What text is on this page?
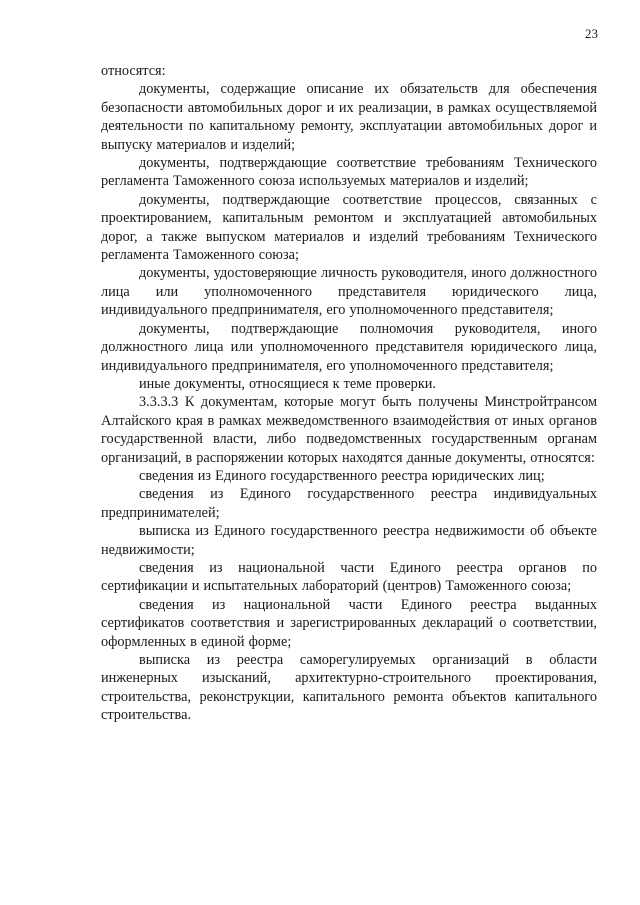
23

относятся:

документы, содержащие описание их обязательств для обеспечения безопасности автомобильных дорог и их реализации, в рамках осуществляемой деятельности по капитальному ремонту, эксплуатации автомобильных дорог и выпуску материалов и изделий;

документы, подтверждающие соответствие требованиям Технического регламента Таможенного союза используемых материалов и изделий;

документы, подтверждающие соответствие процессов, связанных с проектированием, капитальным ремонтом и эксплуатацией автомобильных дорог, а также выпуском материалов и изделий требованиям Технического регламента Таможенного союза;

документы, удостоверяющие личность руководителя, иного должностного лица или уполномоченного представителя юридического лица, индивидуального предпринимателя, его уполномоченного представителя;

документы, подтверждающие полномочия руководителя, иного должностного лица или уполномоченного представителя юридического лица, индивидуального предпринимателя, его уполномоченного представителя;

иные документы, относящиеся к теме проверки.

3.3.3.3 К документам, которые могут быть получены Минстройтрансом Алтайского края в рамках межведомственного взаимодействия от иных органов государственной власти, либо подведомственных государственным органам организаций, в распоряжении которых находятся данные документы, относятся:

сведения из Единого государственного реестра юридических лиц;

сведения из Единого государственного реестра индивидуальных предпринимателей;

выписка из Единого государственного реестра недвижимости об объекте недвижимости;

сведения из национальной части Единого реестра органов по сертификации и испытательных лабораторий (центров) Таможенного союза;

сведения из национальной части Единого реестра выданных сертификатов соответствия и зарегистрированных деклараций о соответствии, оформленных в единой форме;

выписка из реестра саморегулируемых организаций в области инженерных изысканий, архитектурно-строительного проектирования, строительства, реконструкции, капитального ремонта объектов капитального строительства.
